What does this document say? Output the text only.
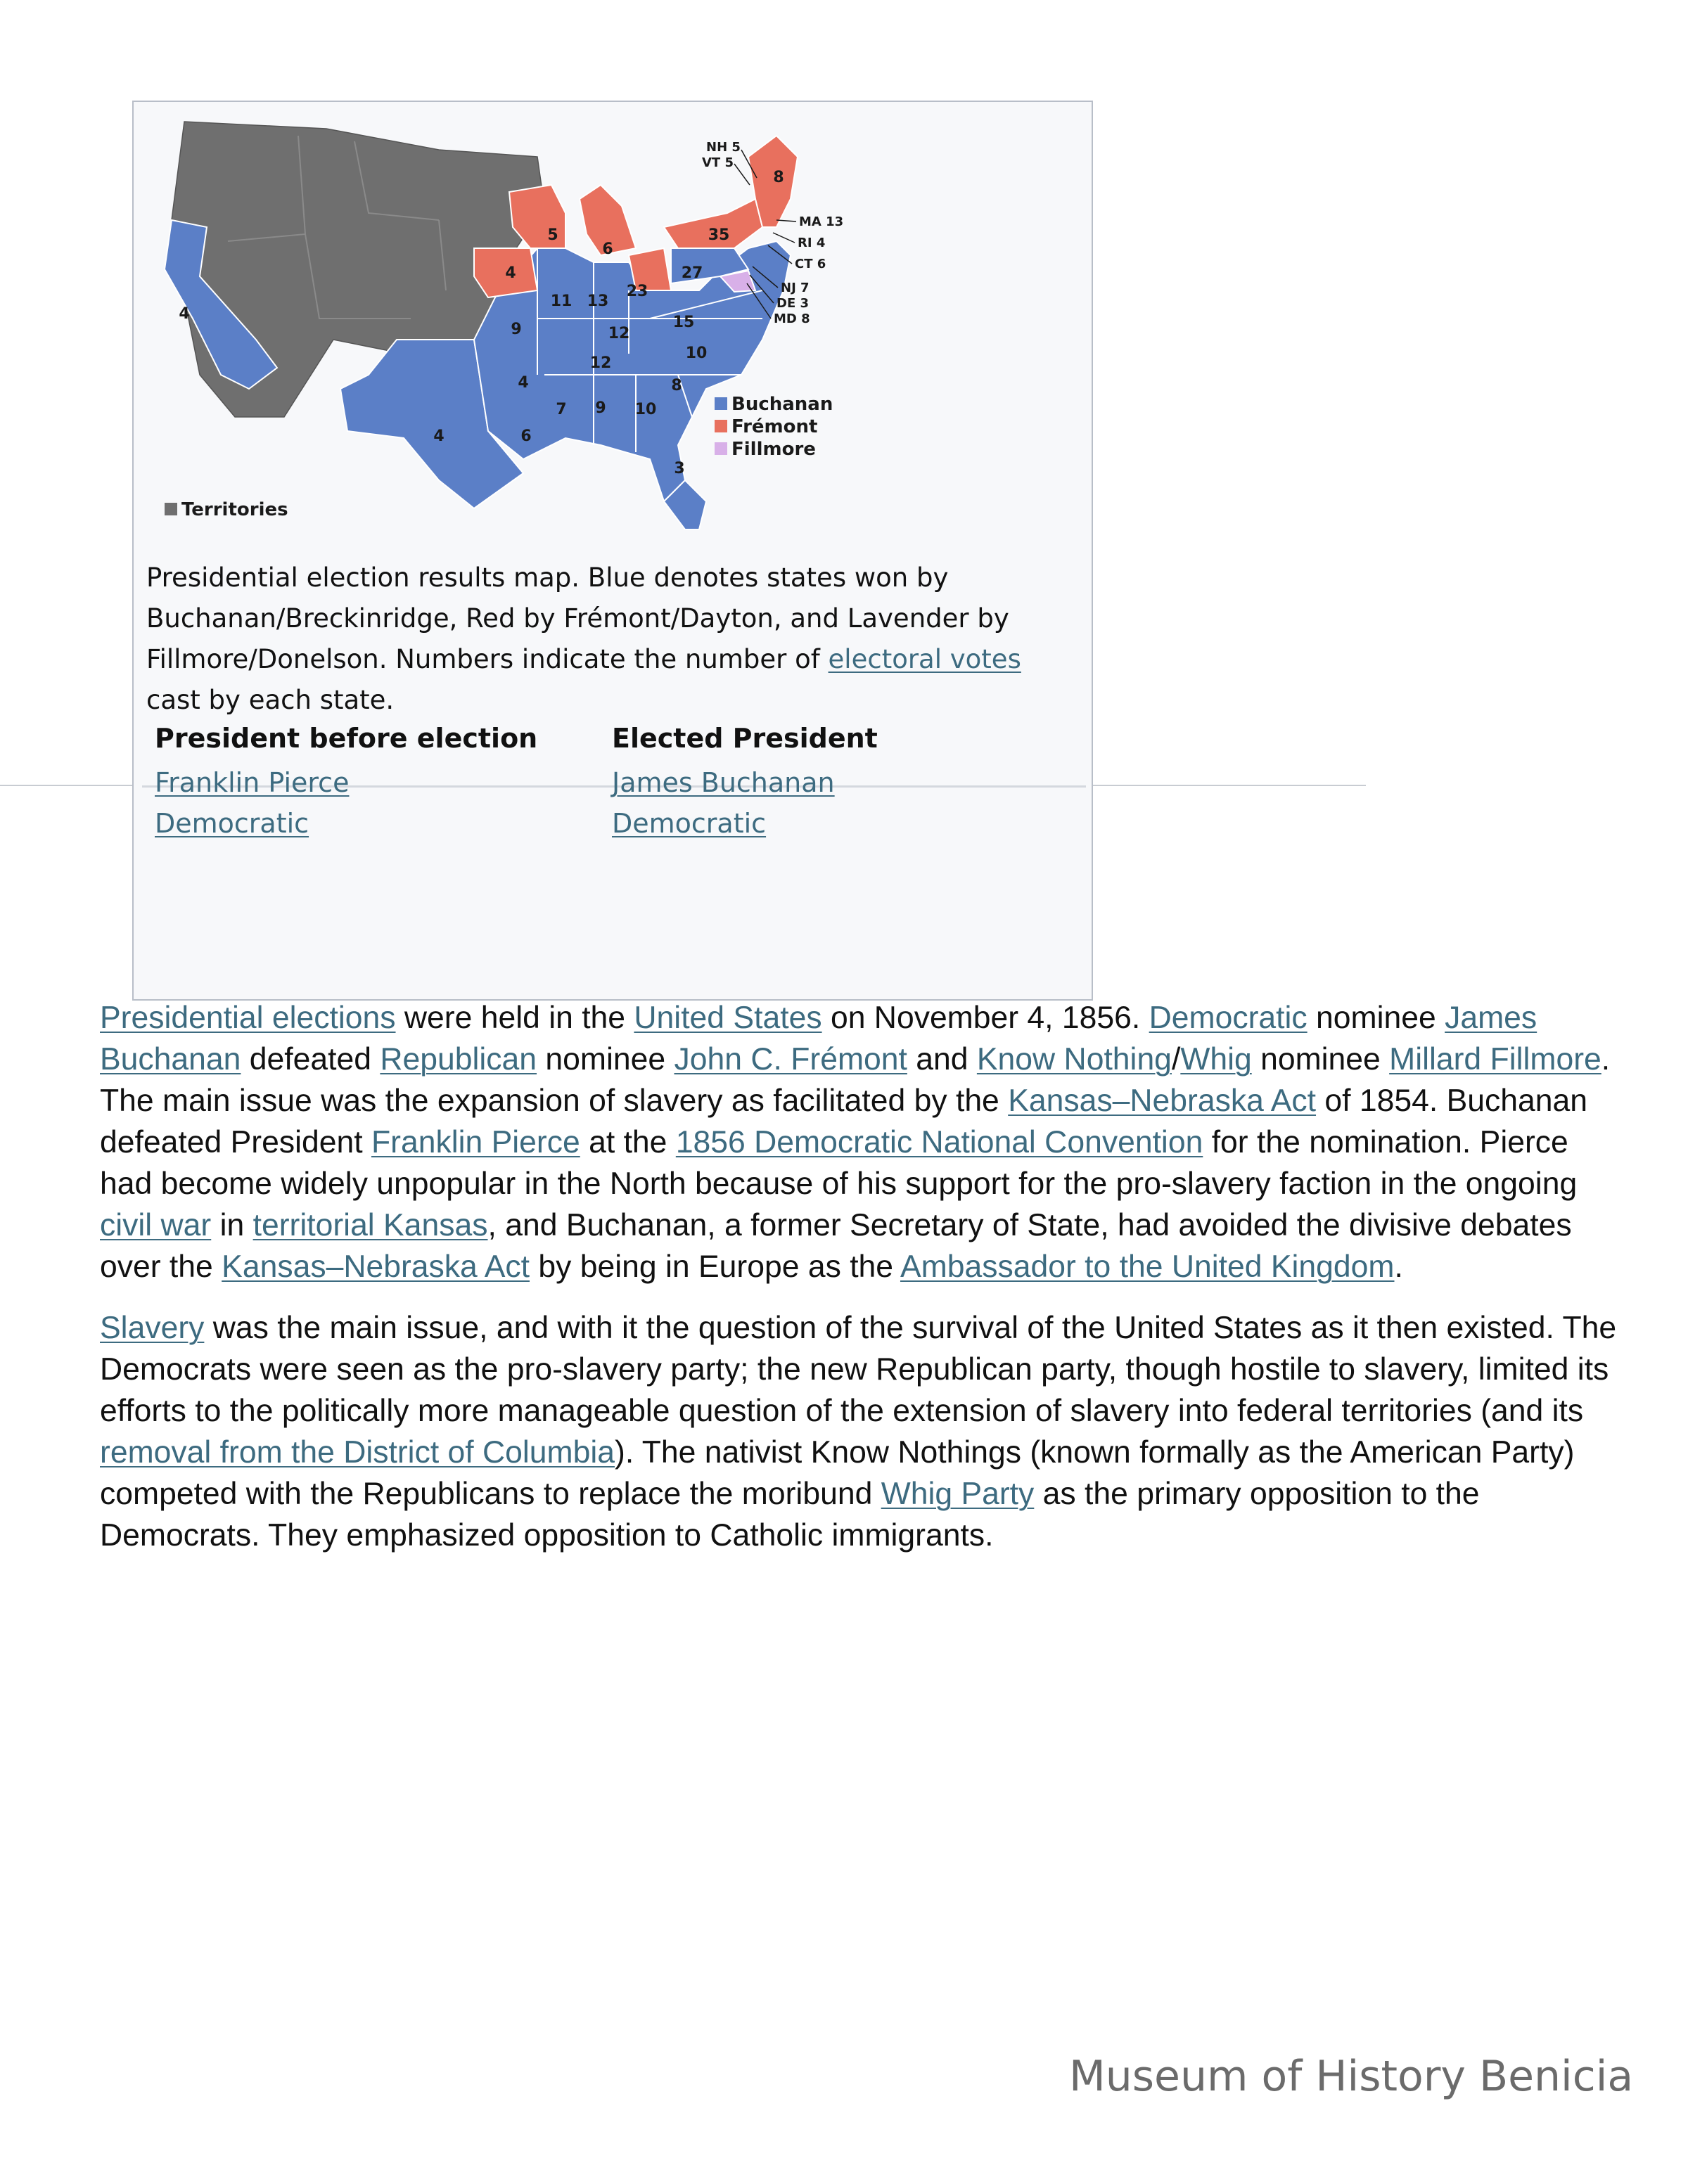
8
5
6
35
4	27
11 13
23
9	12
15
10
12
8
4
7 9 10
6
4
3
4
NH 5
VT 5
MA 13
RI 4
CT 6
NJ 7
DE 3
MD 8
Buchanan
Frémont
Fillmore
Territories
Presidential election results map. Blue denotes states won by Buchanan/Breckinridge, Red by Frémont/Dayton, and Lavender by Fillmore/Donelson. Numbers indicate the number of electoral votes cast by each state.
President before election
Franklin Pierce
Democratic
Elected President
James Buchanan
Democratic

Presidential elections were held in the United States on November 4, 1856. Democratic nominee James Buchanan defeated Republican nominee John C. Frémont and Know Nothing/Whig nominee Millard Fillmore. The main issue was the expansion of slavery as facilitated by the Kansas–Nebraska Act of 1854. Buchanan defeated President Franklin Pierce at the 1856 Democratic National Convention for the nomination. Pierce had become widely unpopular in the North because of his support for the pro-slavery faction in the ongoing civil war in territorial Kansas, and Buchanan, a former Secretary of State, had avoided the divisive debates over the Kansas–Nebraska Act by being in Europe as the Ambassador to the United Kingdom.

Slavery was the main issue, and with it the question of the survival of the United States as it then existed. The Democrats were seen as the pro-slavery party; the new Republican party, though hostile to slavery, limited its efforts to the politically more manageable question of the extension of slavery into federal territories (and its removal from the District of Columbia). The nativist Know Nothings (known formally as the American Party) competed with the Republicans to replace the moribund Whig Party as the primary opposition to the Democrats. They emphasized opposition to Catholic immigrants.

Museum of History Benicia
